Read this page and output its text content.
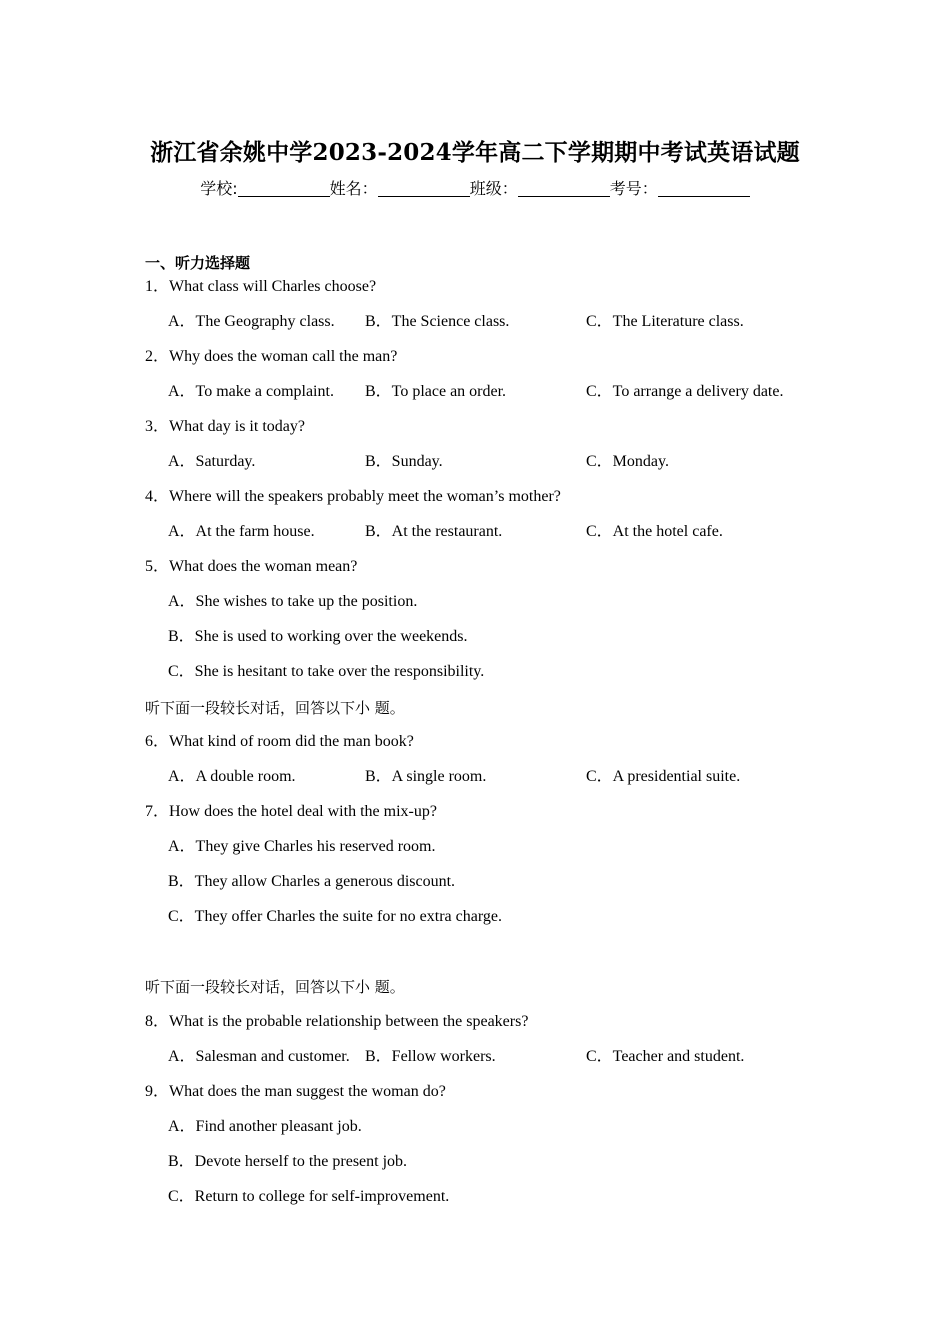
浙江省余姚中学2023-2024学年高二下学期期中考试英语试题
学校:	姓名：	班级：	考号：
一、听力选择题
1．What class will Charles choose?
A．The Geography class. B．The Science class.	C．The Literature class.
2．Why does the woman call the man?
A．To make a complaint. B．To place an order.	C．To arrange a delivery date.
3．What day is it today?
A．Saturday.	B．Sunday.	C．Monday.
4．Where will the speakers probably meet the woman’s mother?
A．At the farm house.	B．At the restaurant.	C．At the hotel cafe.
5．What does the woman mean?
A．She wishes to take up the position.
B．She is used to working over the weekends.
C．She is hesitant to take over the responsibility.
听下面一段较长对话，回答以下小 题。
6．What kind of room did the man book?
A．A double room.	B．A single room.	C．A presidential suite.
7．How does the hotel deal with the mix-up?
A．They give Charles his reserved room.
B．They allow Charles a generous discount.
C．They offer Charles the suite for no extra charge.
听下面一段较长对话，回答以下小 题。
8．What is the probable relationship between the speakers?
A．Salesman and customer. B．Fellow workers.	C．Teacher and student.
9．What does the man suggest the woman do?
A．Find another pleasant job.
B．Devote herself to the present job.
C．Return to college for self-improvement.
